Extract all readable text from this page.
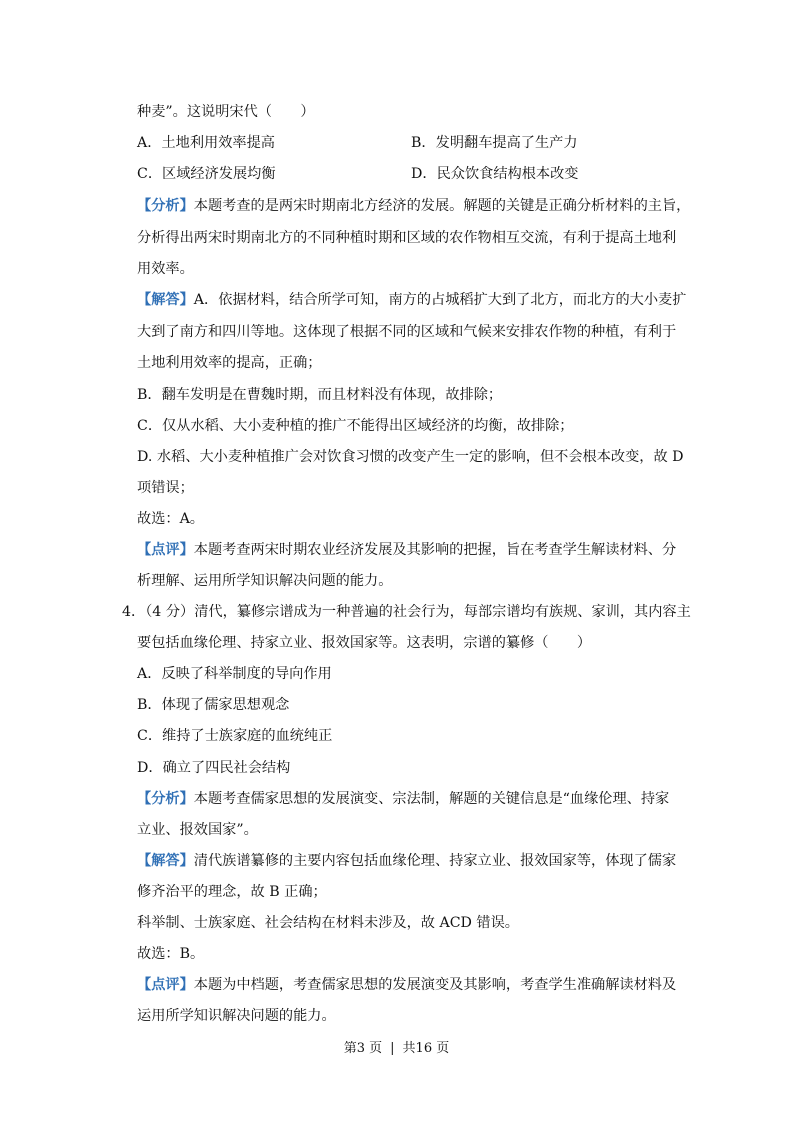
种麦”。这说明宋代（　　）
A．土地利用效率提高	B．发明翻车提高了生产力
C．区域经济发展均衡	D．民众饮食结构根本改变
【分析】本题考查的是两宋时期南北方经济的发展。解题的关键是正确分析材料的主旨，
分析得出两宋时期南北方的不同种植时期和区域的农作物相互交流，有利于提高土地利
用效率。
【解答】A．依据材料，结合所学可知，南方的占城稻扩大到了北方，而北方的大小麦扩
大到了南方和四川等地。这体现了根据不同的区域和气候来安排农作物的种植，有利于
土地利用效率的提高，正确；
B．翻车发明是在曹魏时期，而且材料没有体现，故排除；
C．仅从水稻、大小麦种植的推广不能得出区域经济的均衡，故排除；
D. 水稻、大小麦种植推广会对饮食习惯的改变产生一定的影响，但不会根本改变，故 D
项错误；
故选：A。
【点评】本题考查两宋时期农业经济发展及其影响的把握，旨在考查学生解读材料、分
析理解、运用所学知识解决问题的能力。
4．（4 分）清代，纂修宗谱成为一种普遍的社会行为，每部宗谱均有族规、家训，其内容主
要包括血缘伦理、持家立业、报效国家等。这表明，宗谱的纂修（　　）
A．反映了科举制度的导向作用
B．体现了儒家思想观念
C．维持了士族家庭的血统纯正
D．确立了四民社会结构
【分析】本题考查儒家思想的发展演变、宗法制，解题的关键信息是“血缘伦理、持家
立业、报效国家”。
【解答】清代族谱纂修的主要内容包括血缘伦理、持家立业、报效国家等，体现了儒家
修齐治平的理念，故 B 正确；
科举制、士族家庭、社会结构在材料未涉及，故 ACD 错误。
故选：B。
【点评】本题为中档题，考查儒家思想的发展演变及其影响，考查学生准确解读材料及
运用所学知识解决问题的能力。
第3 页 | 共16 页
